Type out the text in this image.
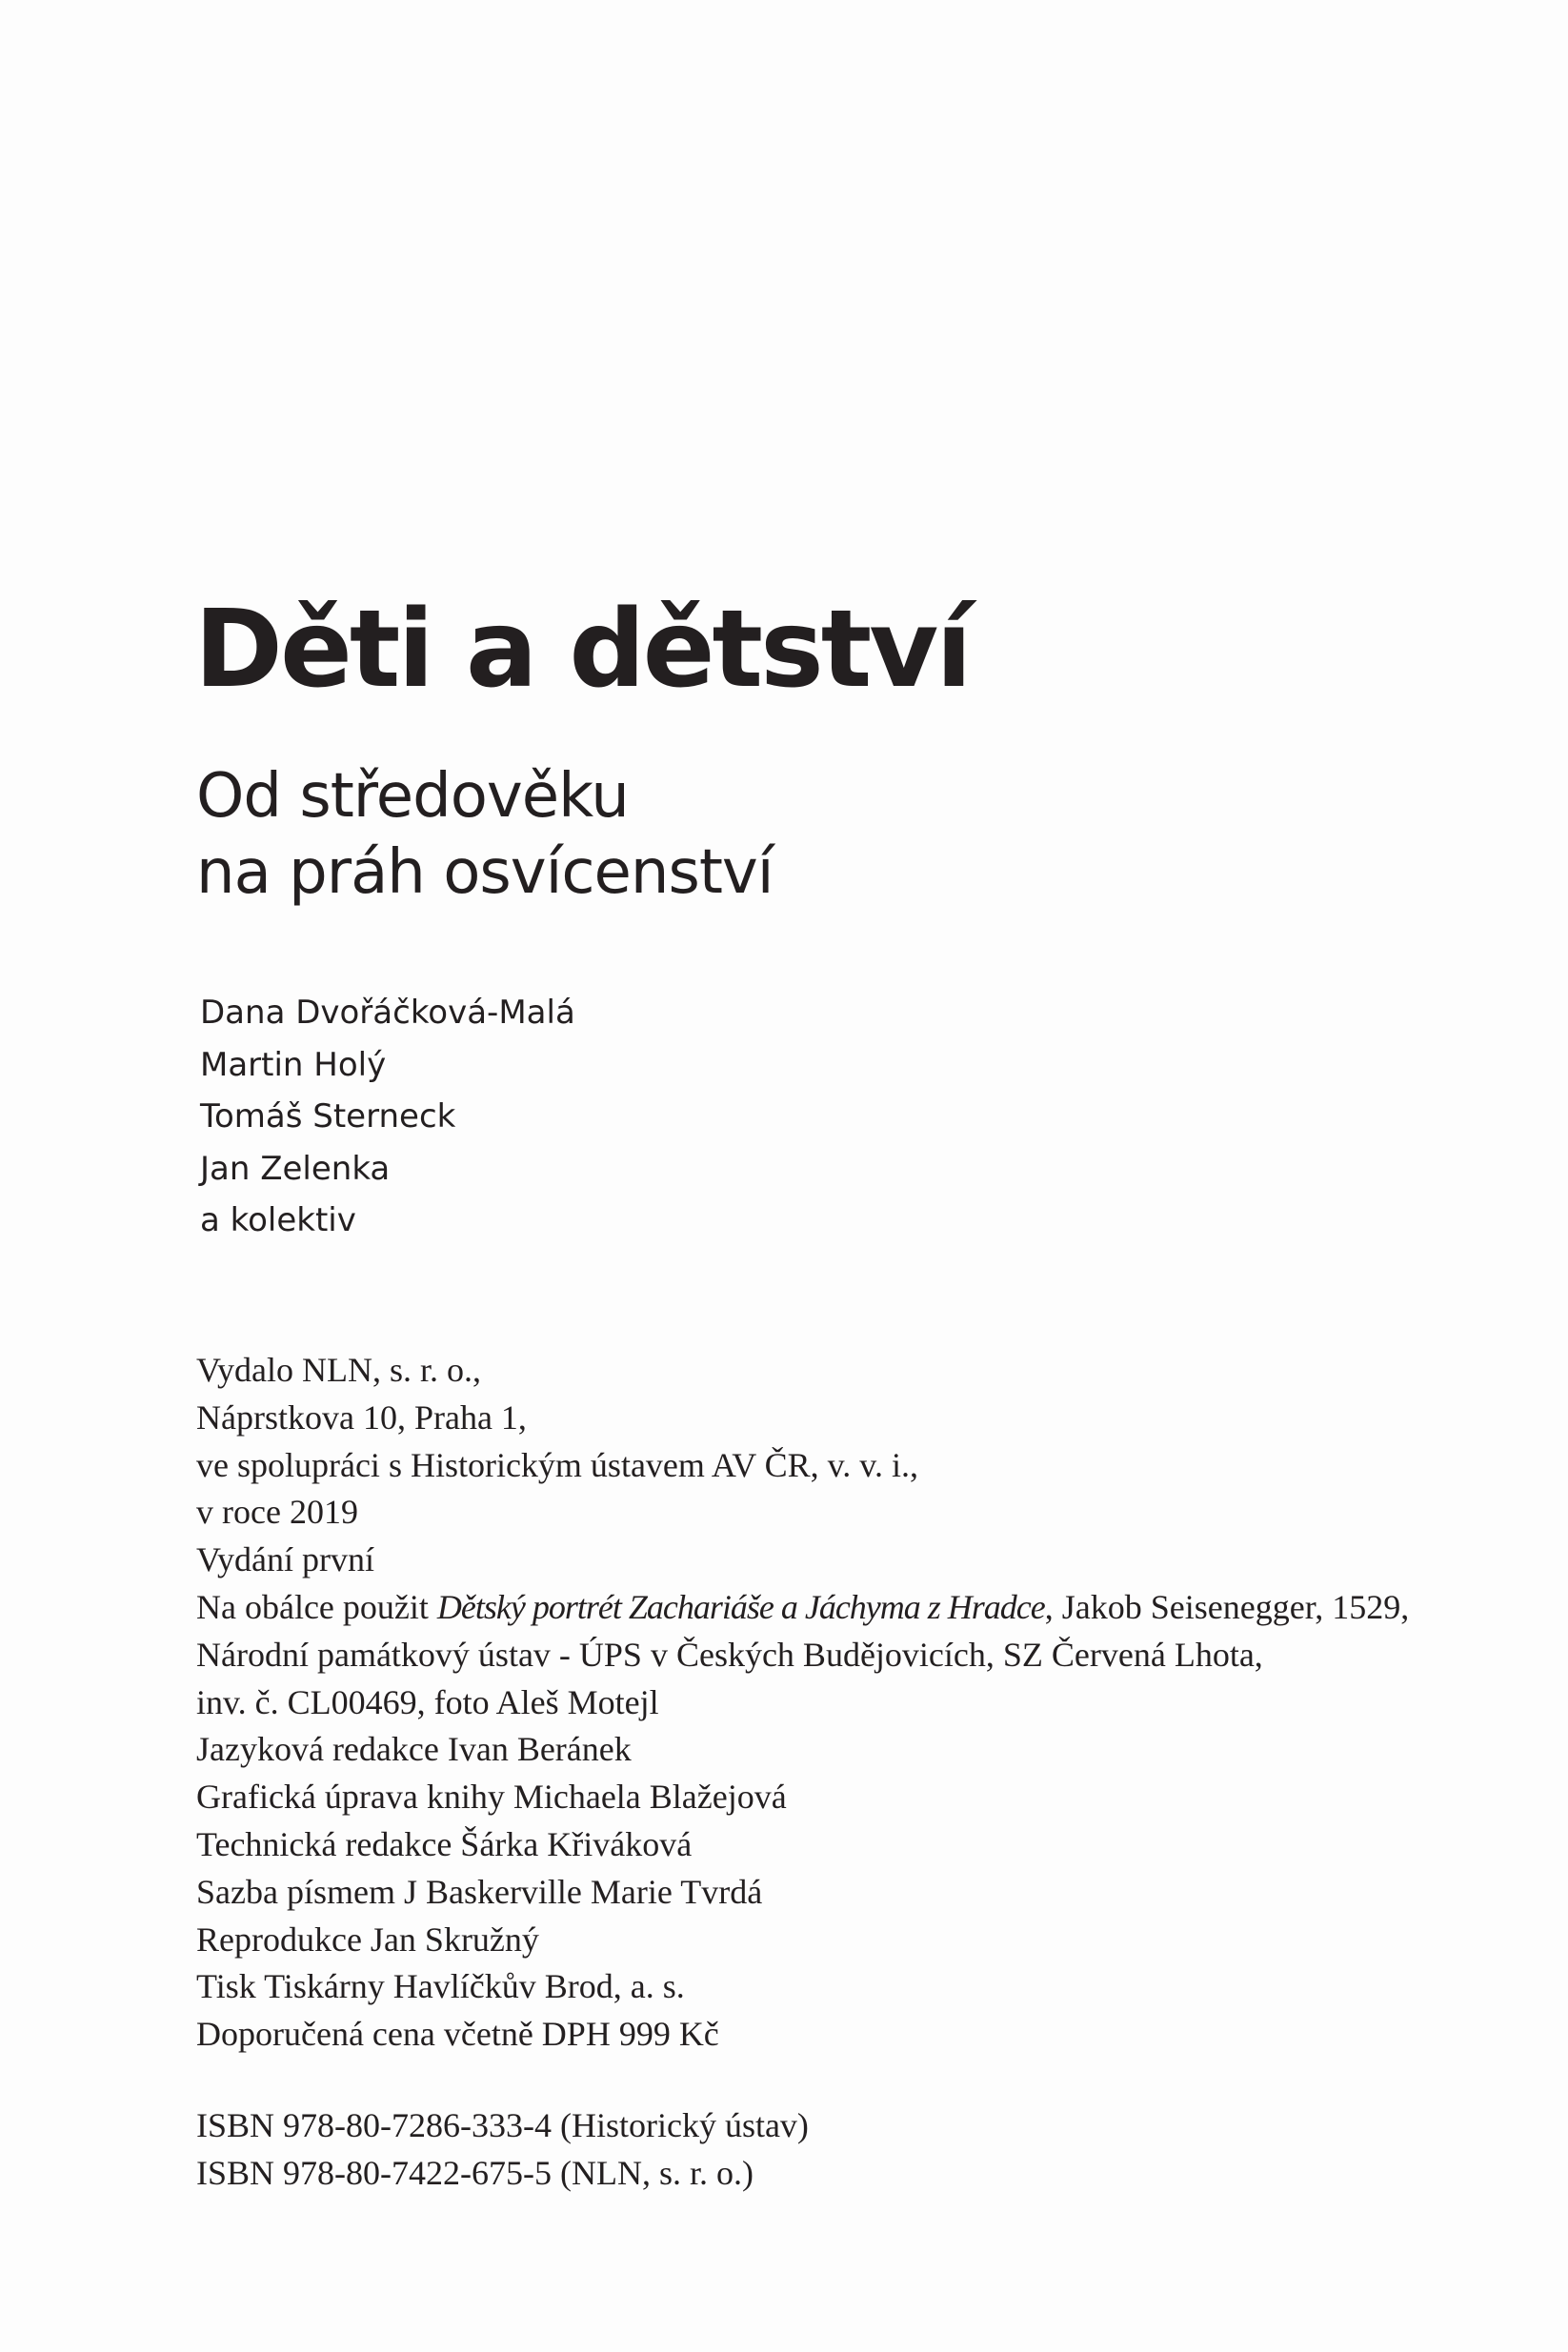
Děti a dětství
Od středověku
na práh osvícenství
Dana Dvořáčková-Malá
Martin Holý
Tomáš Sterneck
Jan Zelenka
a kolektiv
Vydalo NLN, s. r. o.,
Náprstkova 10, Praha 1,
ve spolupráci s Historickým ústavem AV ČR, v. v. i.,
v roce 2019
Vydání první
Na obálce použit Dětský portrét Zachariáše a Jáchyma z Hradce, Jakob Seisenegger, 1529,
Národní památkový ústav - ÚPS v Českých Budějovicích, SZ Červená Lhota,
inv. č. CL00469, foto Aleš Motejl
Jazyková redakce Ivan Beránek
Grafická úprava knihy Michaela Blažejová
Technická redakce Šárka Křiváková
Sazba písmem J Baskerville Marie Tvrdá
Reprodukce Jan Skružný
Tisk Tiskárny Havlíčkův Brod, a. s.
Doporučená cena včetně DPH 999 Kč
ISBN 978-80-7286-333-4 (Historický ústav)
ISBN 978-80-7422-675-5 (NLN, s. r. o.)
